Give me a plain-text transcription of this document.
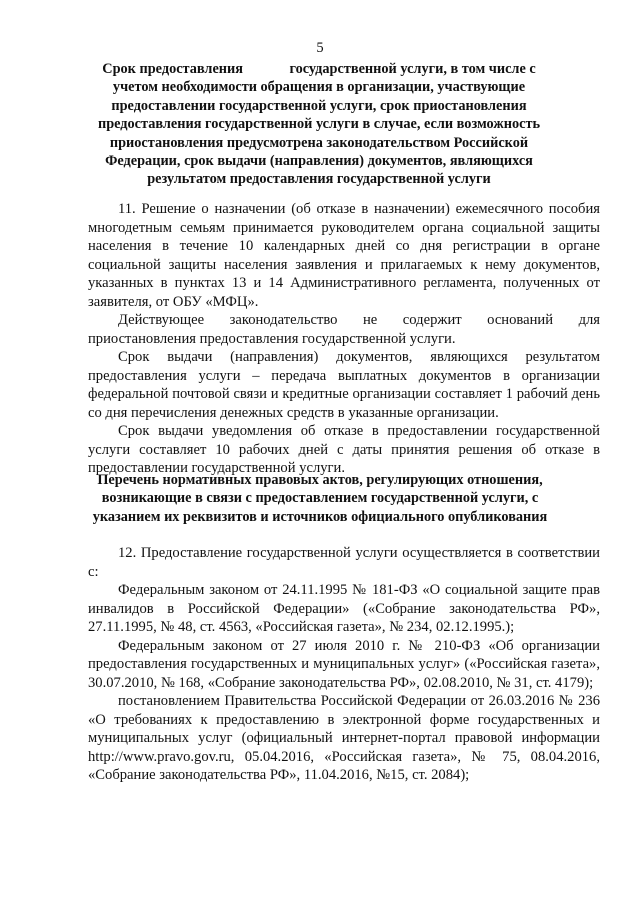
5
Срок предоставления             государственной услуги, в том числе с учетом необходимости обращения в организации, участвующие предоставлении государственной услуги, срок приостановления предоставления государственной услуги в случае, если возможность приостановления предусмотрена законодательством Российской Федерации, срок выдачи (направления) документов, являющихся результатом предоставления государственной услуги

11. Решение о назначении (об отказе в назначении) ежемесячного пособия многодетным семьям принимается руководителем органа социальной защиты населения в течение 10 календарных дней со дня регистрации в органе социальной защиты населения заявления и прилагаемых к нему документов, указанных в пунктах 13 и 14 Административного регламента, полученных от заявителя, от ОБУ «МФЦ».

Действующее законодательство не содержит оснований для приостановления предоставления государственной услуги.

Срок выдачи (направления) документов, являющихся результатом предоставления услуги – передача выплатных документов в организации федеральной почтовой связи и кредитные организации составляет 1 рабочий день со дня перечисления денежных средств в указанные организации.

Срок выдачи уведомления об отказе в предоставлении государственной услуги составляет 10 рабочих дней с даты принятия решения об отказе в предоставлении государственной услуги.

Перечень нормативных правовых актов, регулирующих отношения, возникающие в связи с предоставлением государственной услуги, с указанием их реквизитов и источников официального опубликования

12. Предоставление государственной услуги осуществляется в соответствии с:

Федеральным законом от 24.11.1995 № 181-ФЗ «О социальной защите прав инвалидов в Российской Федерации» («Собрание законодательства РФ», 27.11.1995, № 48, ст. 4563, «Российская газета», № 234, 02.12.1995.);

Федеральным законом от 27 июля 2010 г. № 210-ФЗ «Об организации предоставления государственных и муниципальных услуг» («Российская газета», 30.07.2010, № 168, «Собрание законодательства РФ», 02.08.2010, № 31, ст. 4179);

постановлением Правительства Российской Федерации от 26.03.2016 № 236 «О требованиях к предоставлению в электронной форме государственных и муниципальных услуг (официальный интернет-портал правовой информации http://www.pravo.gov.ru, 05.04.2016, «Российская газета», № 75, 08.04.2016, «Собрание законодательства РФ», 11.04.2016, №15, ст. 2084);
